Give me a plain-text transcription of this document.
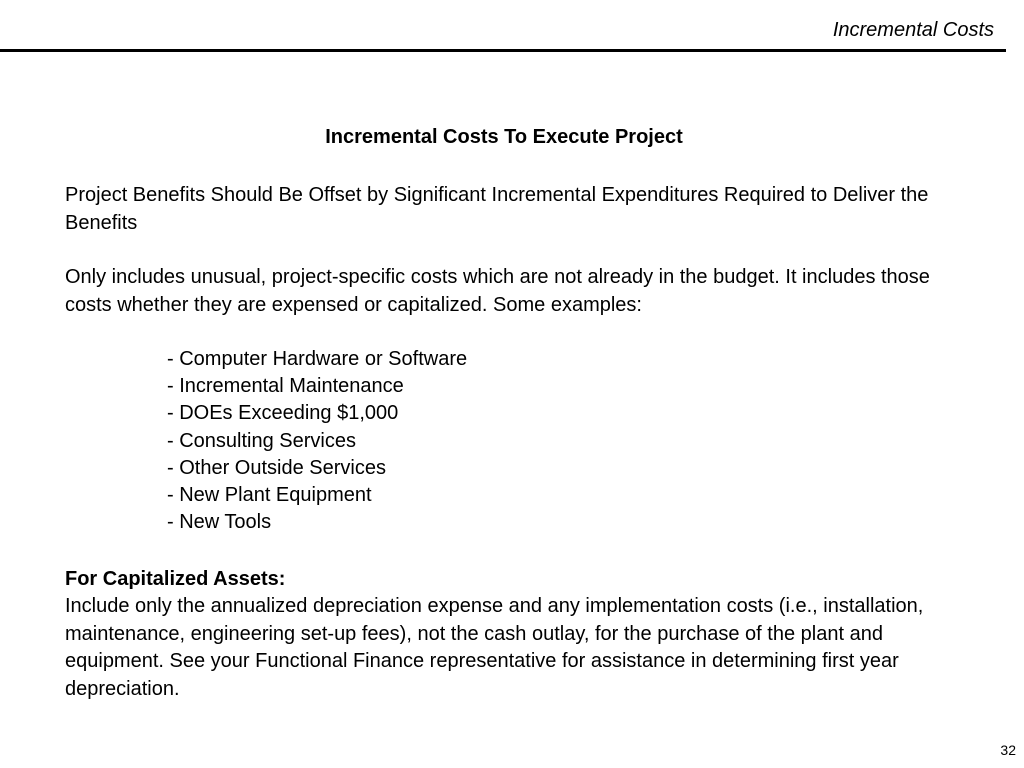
Incremental Costs
Incremental Costs To Execute Project

Project Benefits Should Be Offset by Significant Incremental Expenditures Required to Deliver the Benefits

Only includes unusual, project-specific costs which are not already in the budget. It includes those costs whether they are expensed or capitalized. Some examples:

- Computer Hardware or Software
- Incremental Maintenance
- DOEs Exceeding $1,000
- Consulting Services
- Other Outside Services
- New Plant Equipment
- New Tools
For Capitalized Assets:

Include only the annualized depreciation expense and any implementation costs (i.e., installation, maintenance, engineering set-up fees), not the cash outlay, for the purchase of the plant and equipment. See your Functional Finance representative for assistance in determining first year depreciation.

32
